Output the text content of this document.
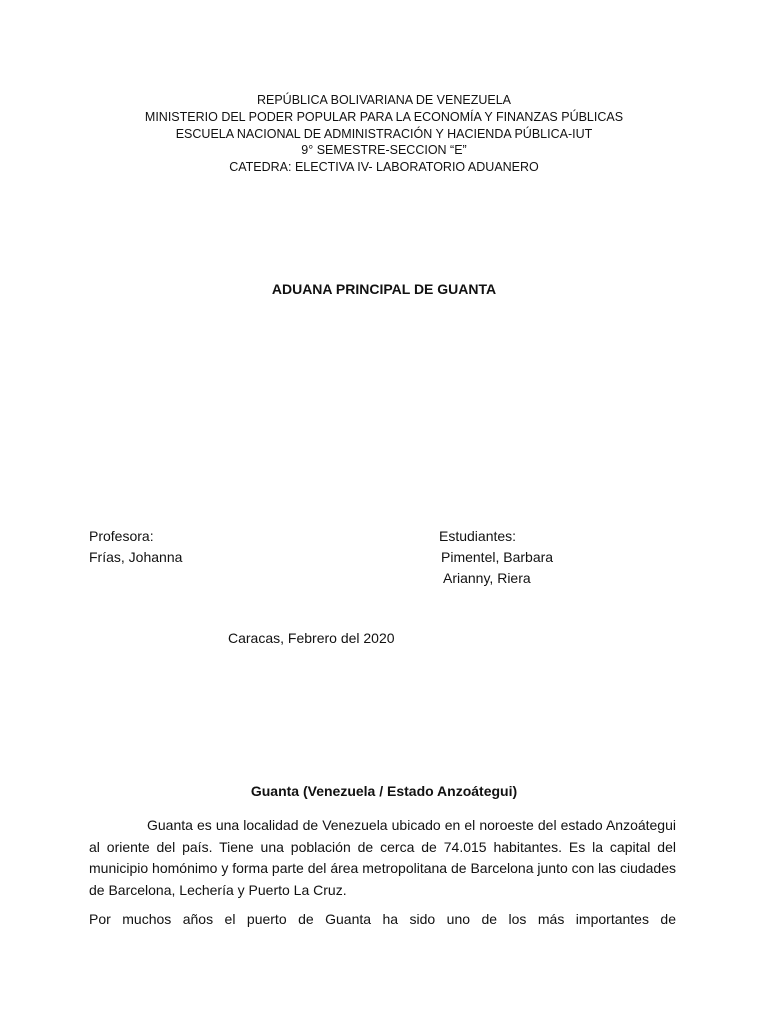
REPÚBLICA BOLIVARIANA DE VENEZUELA
MINISTERIO DEL PODER POPULAR PARA LA ECONOMÍA Y FINANZAS PÚBLICAS
ESCUELA NACIONAL DE ADMINISTRACIÓN Y HACIENDA PÚBLICA-IUT
9° SEMESTRE-SECCION “E”
CATEDRA: ELECTIVA IV- LABORATORIO ADUANERO
ADUANA PRINCIPAL DE GUANTA
Profesora:
Frías, Johanna
Estudiantes:
Pimentel, Barbara
Arianny, Riera
Caracas, Febrero del 2020
Guanta (Venezuela / Estado Anzoátegui)

Guanta es una localidad de Venezuela ubicado en el noroeste del estado Anzoátegui al oriente del país. Tiene una población de cerca de 74.015 habitantes. Es la capital del municipio homónimo y forma parte del área metropolitana de Barcelona junto con las ciudades de Barcelona, Lechería y Puerto La Cruz.

Por muchos años el puerto de Guanta ha sido uno de los más importantes de
